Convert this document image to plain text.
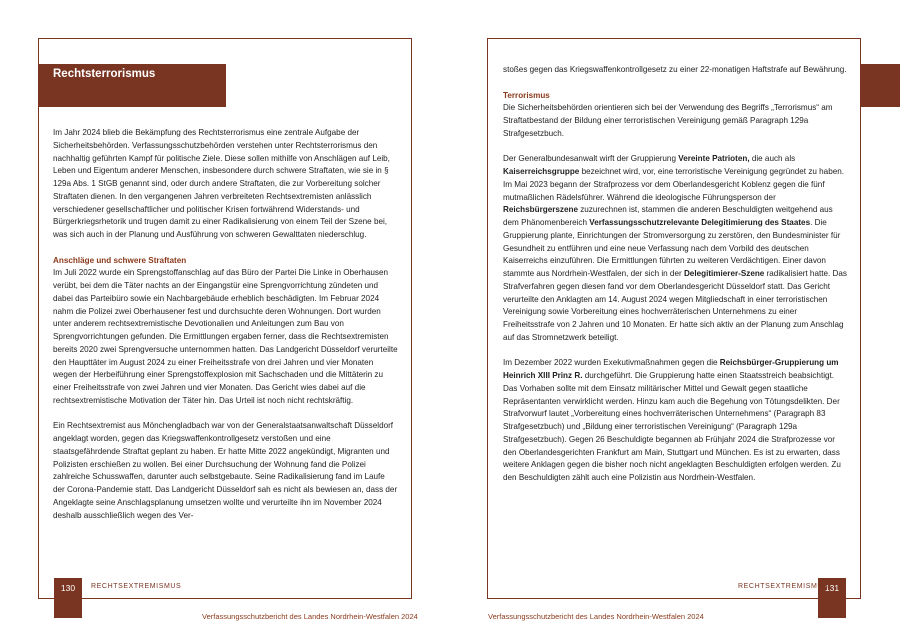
Rechtsterrorismus

Im Jahr 2024 blieb die Bekämpfung des Rechtsterrorismus eine zentrale Aufgabe der Sicherheitsbehörden. Verfassungsschutzbehörden verstehen unter Rechtsterrorismus den nachhaltig geführten Kampf für politische Ziele. Diese sollen mithilfe von Anschlägen auf Leib, Leben und Eigentum anderer Menschen, insbesondere durch schwere Straftaten, wie sie in § 129a Abs. 1 StGB genannt sind, oder durch andere Straftaten, die zur Vorbereitung solcher Straftaten dienen. In den vergangenen Jahren verbreiteten Rechtsextremisten anlässlich verschiedener gesellschaftlicher und politischer Krisen fortwährend Widerstands- und Bürgerkriegsrhetorik und trugen damit zu einer Radikalisierung von einem Teil der Szene bei, was sich auch in der Planung und Ausführung von schweren Gewalttaten niederschlug.

Anschläge und schwere Straftaten

Im Juli 2022 wurde ein Sprengstoffanschlag auf das Büro der Partei Die Linke in Oberhausen verübt, bei dem die Täter nachts an der Eingangstür eine Sprengvorrichtung zündeten und dabei das Parteibüro sowie ein Nachbargebäude erheblich beschädigten. Im Februar 2024 nahm die Polizei zwei Oberhausener fest und durchsuchte deren Wohnungen. Dort wurden unter anderem rechtsextremistische Devotionalien und Anleitungen zum Bau von Sprengvorrichtungen gefunden. Die Ermittlungen ergaben ferner, dass die Rechtsextremisten bereits 2020 zwei Sprengversuche unternommen hatten. Das Landgericht Düsseldorf verurteilte den Haupttäter im August 2024 zu einer Freiheitsstrafe von drei Jahren und vier Monaten wegen der Herbeiführung einer Sprengstoffexplosion mit Sachschaden und die Mittäterin zu einer Freiheitsstrafe von zwei Jahren und vier Monaten. Das Gericht wies dabei auf die rechtsextremistische Motivation der Täter hin. Das Urteil ist noch nicht rechtskräftig.

Ein Rechtsextremist aus Mönchengladbach war von der Generalstaatsanwaltschaft Düsseldorf angeklagt worden, gegen das Kriegswaffenkontrollgesetz verstoßen und eine staatsgefährdende Straftat geplant zu haben. Er hatte Mitte 2022 angekündigt, Migranten und Polizisten erschießen zu wollen. Bei einer Durchsuchung der Wohnung fand die Polizei zahlreiche Schusswaffen, darunter auch selbstgebaute. Seine Radikalisierung fand im Laufe der Corona-Pandemie statt. Das Landgericht Düsseldorf sah es nicht als bewiesen an, dass der Angeklagte seine Anschlagsplanung umsetzen wollte und verurteilte ihn im November 2024 deshalb ausschließlich wegen des Ver-

stoßes gegen das Kriegswaffenkontrollgesetz zu einer 22-monatigen Haftstrafe auf Bewährung.

Terrorismus

Die Sicherheitsbehörden orientieren sich bei der Verwendung des Begriffs „Terrorismus“ am Straftatbestand der Bildung einer terroristischen Vereinigung gemäß Paragraph 129a Strafgesetzbuch.

Der Generalbundesanwalt wirft der Gruppierung Vereinte Patrioten, die auch als Kaiserreichsgruppe bezeichnet wird, vor, eine terroristische Vereinigung gegründet zu haben. Im Mai 2023 begann der Strafprozess vor dem Oberlandesgericht Koblenz gegen die fünf mutmaßlichen Rädelsführer. Während die ideologische Führungsperson der Reichsbürgerszene zuzurechnen ist, stammen die anderen Beschuldigten weitgehend aus dem Phänomenbereich Verfassungsschutzrelevante Delegitimierung des Staates. Die Gruppierung plante, Einrichtungen der Stromversorgung zu zerstören, den Bundesminister für Gesundheit zu entführen und eine neue Verfassung nach dem Vorbild des deutschen Kaiserreichs einzuführen. Die Ermittlungen führten zu weiteren Verdächtigen. Einer davon stammte aus Nordrhein-Westfalen, der sich in der Delegitimierer-Szene radikalisiert hatte. Das Strafverfahren gegen diesen fand vor dem Oberlandesgericht Düsseldorf statt. Das Gericht verurteilte den Anklagten am 14. August 2024 wegen Mitgliedschaft in einer terroristischen Vereinigung sowie Vorbereitung eines hochverräterischen Unternehmens zu einer Freiheitsstrafe von 2 Jahren und 10 Monaten. Er hatte sich aktiv an der Planung zum Anschlag auf das Stromnetzwerk beteiligt.

Im Dezember 2022 wurden Exekutivmaßnahmen gegen die Reichsbürger-Gruppierung um Heinrich XIII Prinz R. durchgeführt. Die Gruppierung hatte einen Staatsstreich beabsichtigt. Das Vorhaben sollte mit dem Einsatz militärischer Mittel und Gewalt gegen staatliche Repräsentanten verwirklicht werden. Hinzu kam auch die Begehung von Tötungsdelikten. Der Strafvorwurf lautet „Vorbereitung eines hochverräterischen Unternehmens“ (Paragraph 83 Strafgesetzbuch) und „Bildung einer terroristischen Vereinigung“ (Paragraph 129a Strafgesetzbuch). Gegen 26 Beschuldigte begannen ab Frühjahr 2024 die Strafprozesse vor den Oberlandesgerichten Frankfurt am Main, Stuttgart und München. Es ist zu erwarten, dass weitere Anklagen gegen die bisher noch nicht angeklagten Beschuldigten erfolgen werden. Zu den Beschuldigten zählt auch eine Polizistin aus Nordrhein-Westfalen.

130	RECHTSEXTREMISMUS	131
RECHTSEXTREMISMUS
Verfassungsschutzbericht des Landes Nordrhein-Westfalen 2024	Verfassungsschutzbericht des Landes Nordrhein-Westfalen 2024
